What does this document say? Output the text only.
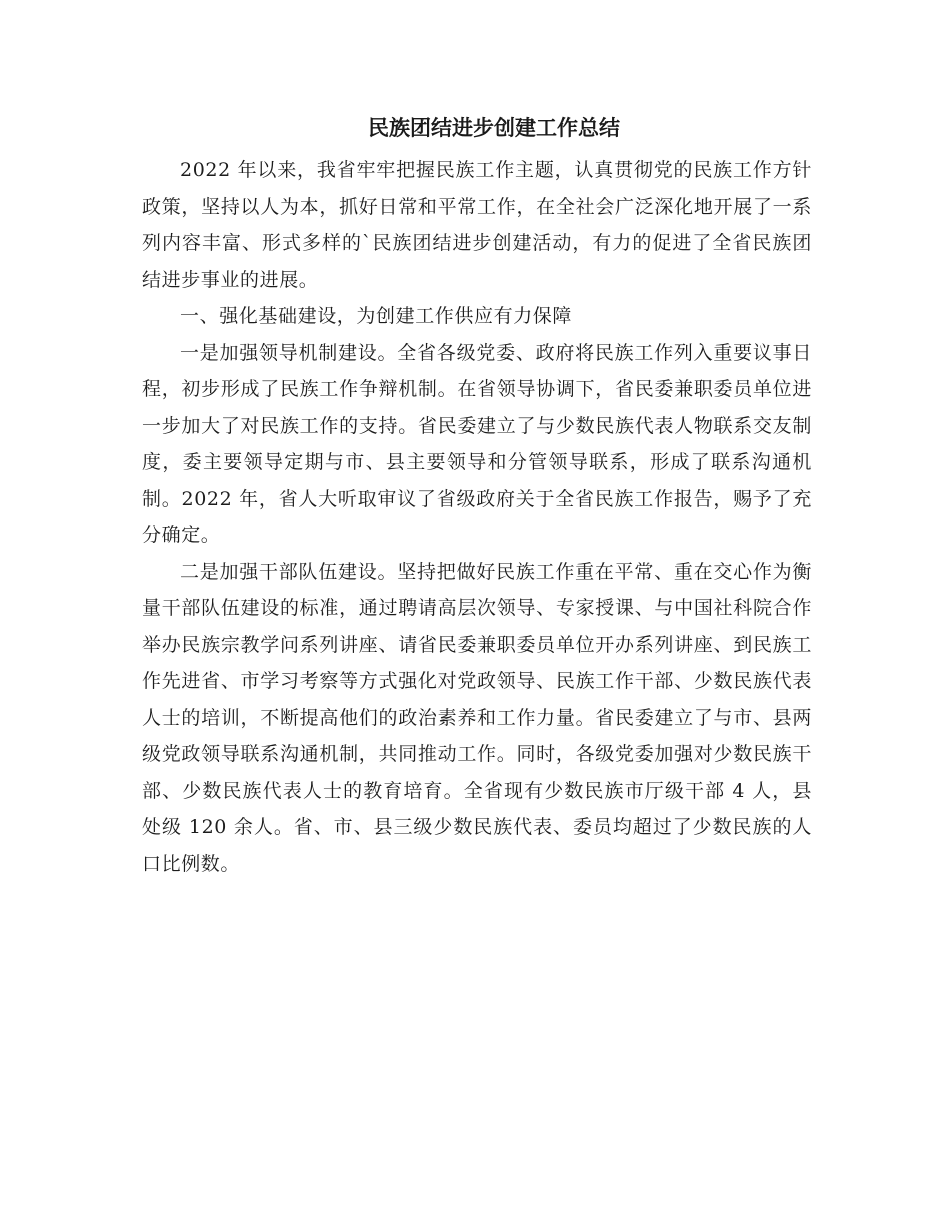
民族团结进步创建工作总结

2022 年以来，我省牢牢把握民族工作主题，认真贯彻党的民族工作方针政策，坚持以人为本，抓好日常和平常工作，在全社会广泛深化地开展了一系列内容丰富、形式多样的`民族团结进步创建活动，有力的促进了全省民族团结进步事业的进展。

一、强化基础建设，为创建工作供应有力保障

一是加强领导机制建设。全省各级党委、政府将民族工作列入重要议事日程，初步形成了民族工作争辩机制。在省领导协调下，省民委兼职委员单位进一步加大了对民族工作的支持。省民委建立了与少数民族代表人物联系交友制度，委主要领导定期与市、县主要领导和分管领导联系，形成了联系沟通机制。2022 年，省人大听取审议了省级政府关于全省民族工作报告，赐予了充分确定。

二是加强干部队伍建设。坚持把做好民族工作重在平常、重在交心作为衡量干部队伍建设的标准，通过聘请高层次领导、专家授课、与中国社科院合作举办民族宗教学问系列讲座、请省民委兼职委员单位开办系列讲座、到民族工作先进省、市学习考察等方式强化对党政领导、民族工作干部、少数民族代表人士的培训，不断提高他们的政治素养和工作力量。省民委建立了与市、县两级党政领导联系沟通机制，共同推动工作。同时，各级党委加强对少数民族干部、少数民族代表人士的教育培育。全省现有少数民族市厅级干部 4 人，县处级 120 余人。省、市、县三级少数民族代表、委员均超过了少数民族的人口比例数。
